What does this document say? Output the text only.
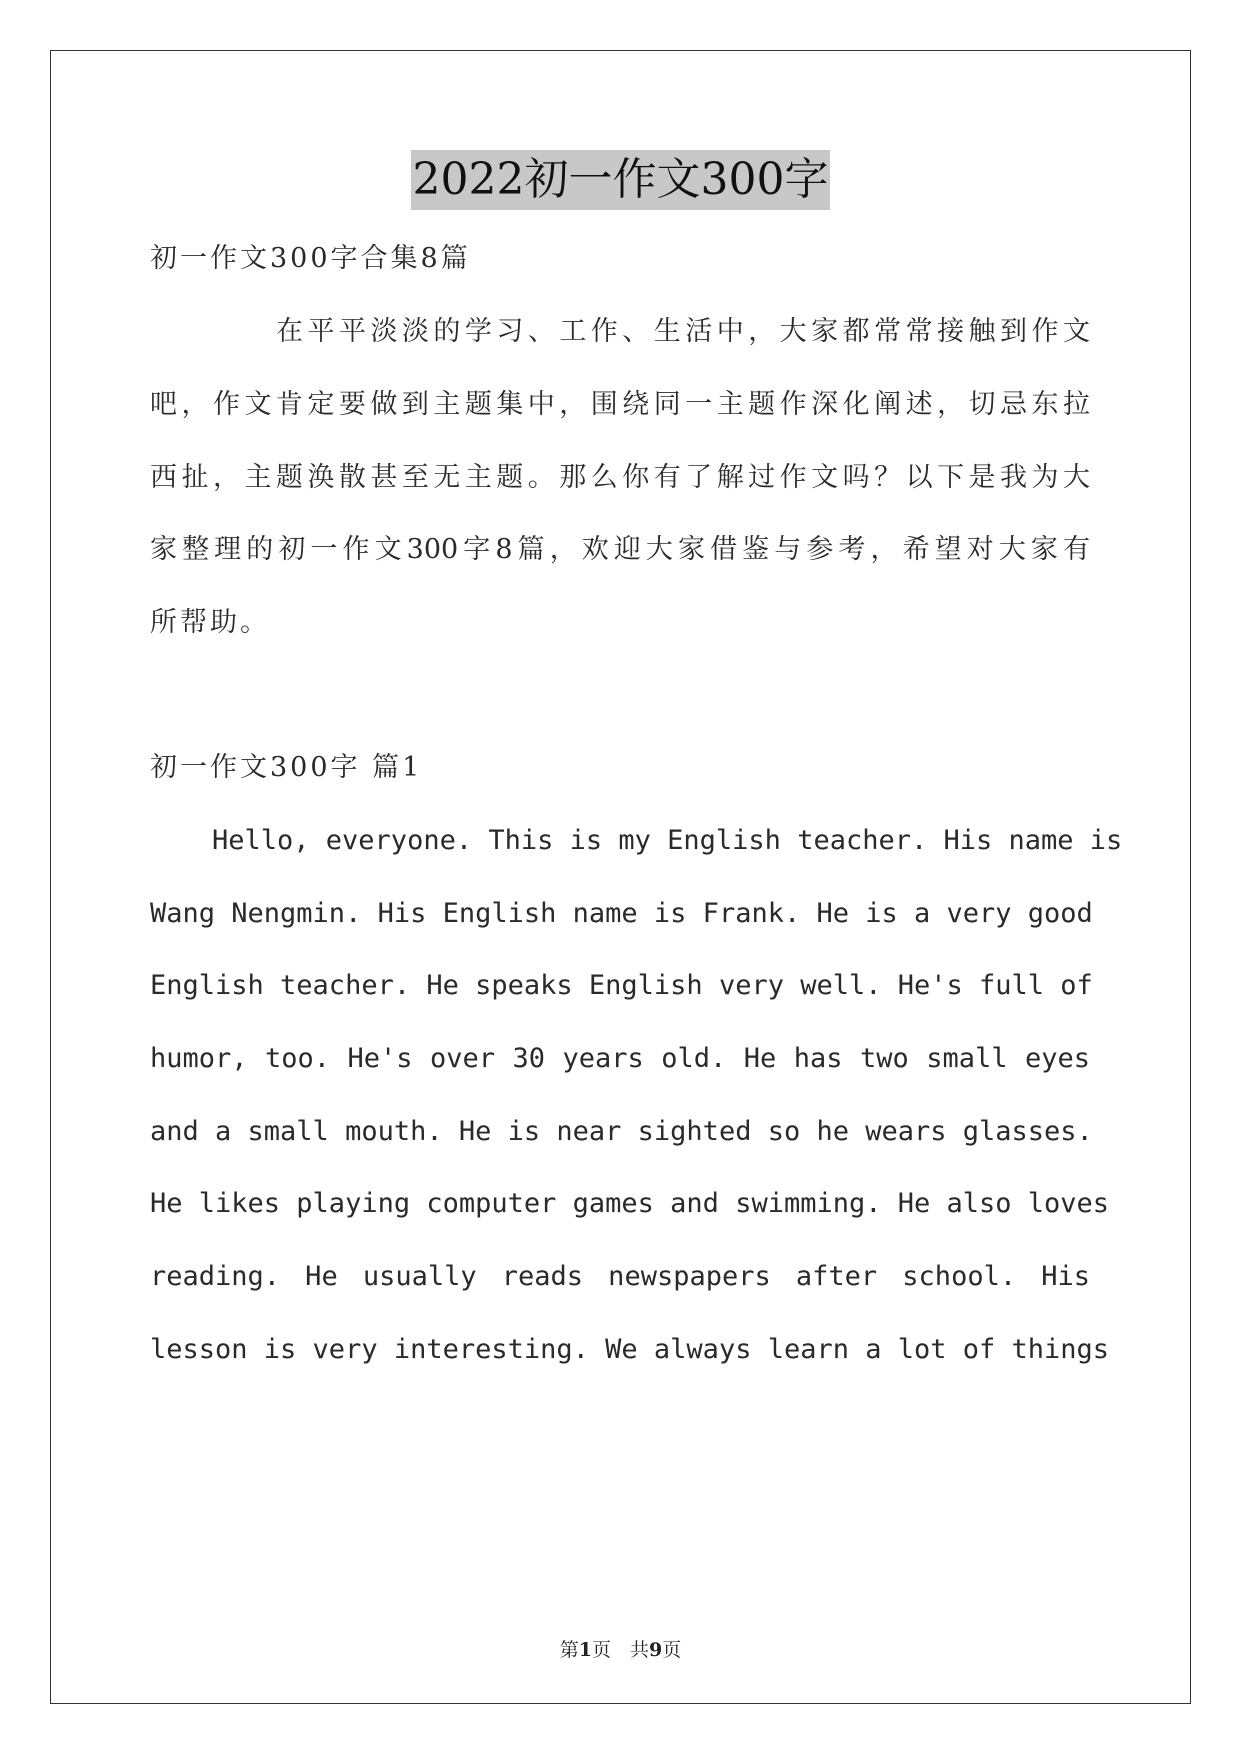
2022初一作文300字
初一作文300字合集8篇
在平平淡淡的学习、工作、生活中，大家都常常接触到作文
吧，作文肯定要做到主题集中，围绕同一主题作深化阐述，切忌东拉
西扯，主题涣散甚至无主题。那么你有了解过作文吗？以下是我为大
家整理的初一作文300字8篇，欢迎大家借鉴与参考，希望对大家有
所帮助。
初一作文300字 篇1
Hello, everyone. This is my English teacher. His name is
Wang Nengmin. His English name is Frank. He is a very good
English teacher. He speaks English very well. He's full of
humor, too. He's over 30 years old. He has two small eyes
and a small mouth. He is near sighted so he wears glasses.
He likes playing computer games and swimming. He also loves
reading. He usually reads newspapers after school. His
lesson is very interesting. We always learn a lot of things
第1页　共9页
